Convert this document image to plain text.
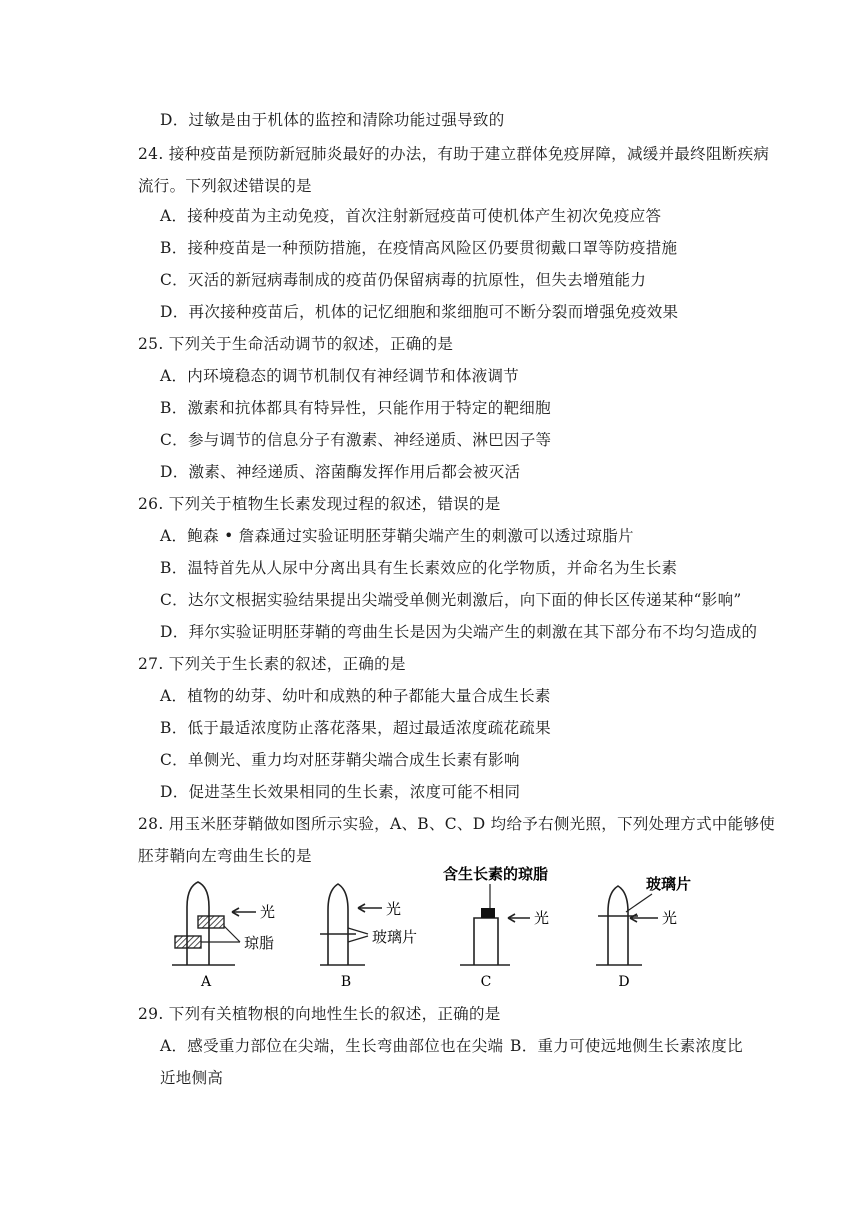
D．过敏是由于机体的监控和清除功能过强导致的
24. 接种疫苗是预防新冠肺炎最好的办法，有助于建立群体免疫屏障，减缓并最终阻断疾病
流行。下列叙述错误的是
A．接种疫苗为主动免疫，首次注射新冠疫苗可使机体产生初次免疫应答
B．接种疫苗是一种预防措施，在疫情高风险区仍要贯彻戴口罩等防疫措施
C．灭活的新冠病毒制成的疫苗仍保留病毒的抗原性，但失去增殖能力
D．再次接种疫苗后，机体的记忆细胞和浆细胞可不断分裂而增强免疫效果
25. 下列关于生命活动调节的叙述，正确的是
A．内环境稳态的调节机制仅有神经调节和体液调节
B．激素和抗体都具有特异性，只能作用于特定的靶细胞
C．参与调节的信息分子有激素、神经递质、淋巴因子等
D．激素、神经递质、溶菌酶发挥作用后都会被灭活
26. 下列关于植物生长素发现过程的叙述，错误的是
A．鲍森 • 詹森通过实验证明胚芽鞘尖端产生的刺激可以透过琼脂片
B．温特首先从人尿中分离出具有生长素效应的化学物质，并命名为生长素
C．达尔文根据实验结果提出尖端受单侧光刺激后，向下面的伸长区传递某种“影响”
D．拜尔实验证明胚芽鞘的弯曲生长是因为尖端产生的刺激在其下部分布不均匀造成的
27. 下列关于生长素的叙述，正确的是
A．植物的幼芽、幼叶和成熟的种子都能大量合成生长素
B．低于最适浓度防止落花落果，超过最适浓度疏花疏果
C．单侧光、重力均对胚芽鞘尖端合成生长素有影响
D．促进茎生长效果相同的生长素，浓度可能不相同
28. 用玉米胚芽鞘做如图所示实验，A、B、C、D 均给予右侧光照，下列处理方式中能够使
胚芽鞘向左弯曲生长的是
光
琼脂
A
光
玻璃片
B
含生长素的琼脂
光
C
玻璃片
光
D
29. 下列有关植物根的向地性生长的叙述，正确的是
A．感受重力部位在尖端，生长弯曲部位也在尖端 B．重力可使远地侧生长素浓度比
近地侧高
